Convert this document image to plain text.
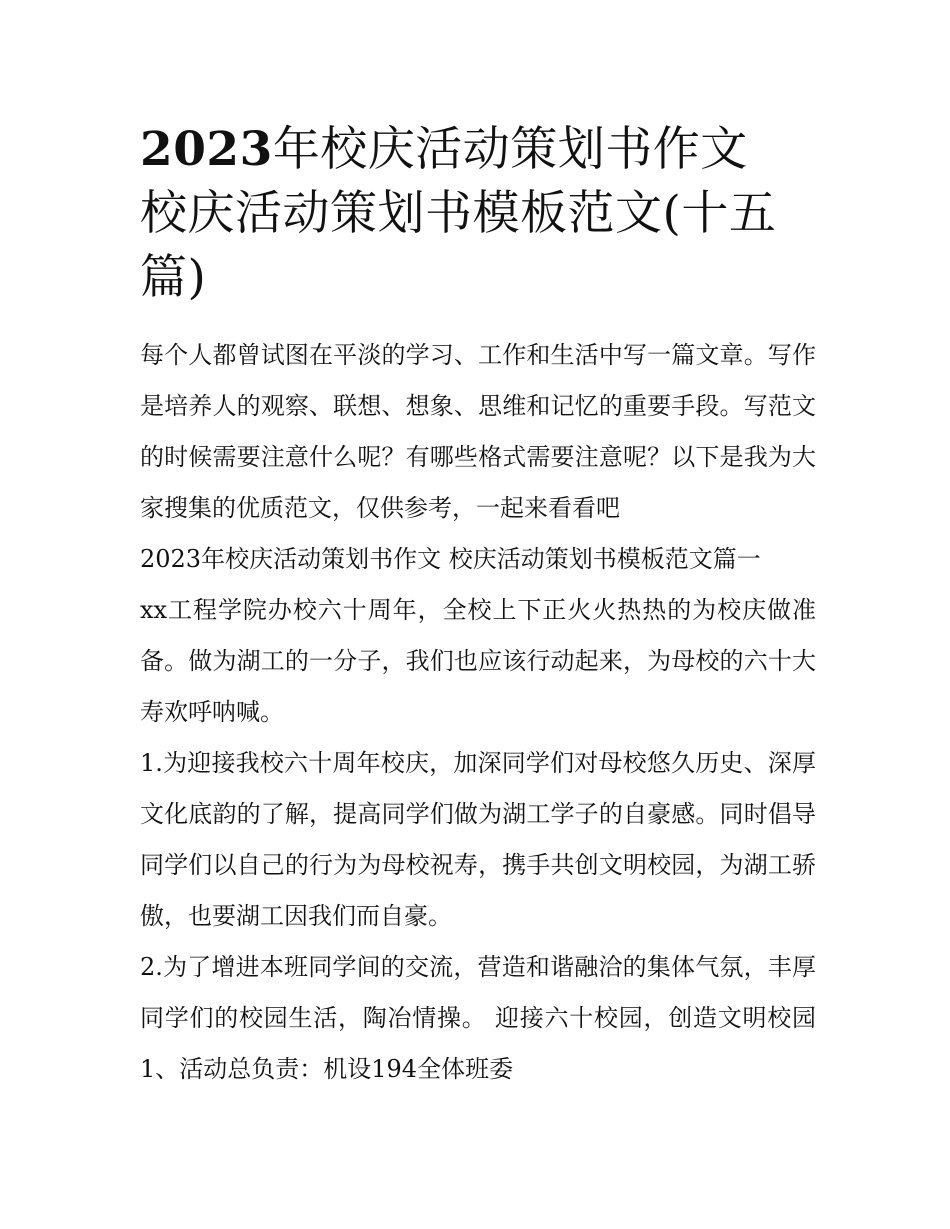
2023年校庆活动策划书作文
校庆活动策划书模板范文(十五
篇)

每个人都曾试图在平淡的学习、工作和生活中写一篇文章。写作是培养人的观察、联想、想象、思维和记忆的重要手段。写范文的时候需要注意什么呢？有哪些格式需要注意呢？以下是我为大家搜集的优质范文，仅供参考，一起来看看吧

2023年校庆活动策划书作文 校庆活动策划书模板范文篇一

xx工程学院办校六十周年，全校上下正火火热热的为校庆做准备。做为湖工的一分子，我们也应该行动起来，为母校的六十大寿欢呼呐喊。

1.为迎接我校六十周年校庆，加深同学们对母校悠久历史、深厚文化底韵的了解，提高同学们做为湖工学子的自豪感。同时倡导同学们以自己的行为为母校祝寿，携手共创文明校园，为湖工骄傲，也要湖工因我们而自豪。

2.为了增进本班同学间的交流，营造和谐融洽的集体气氛，丰厚同学们的校园生活，陶冶情操。 迎接六十校园，创造文明校园 1、活动总负责：机设194全体班委
